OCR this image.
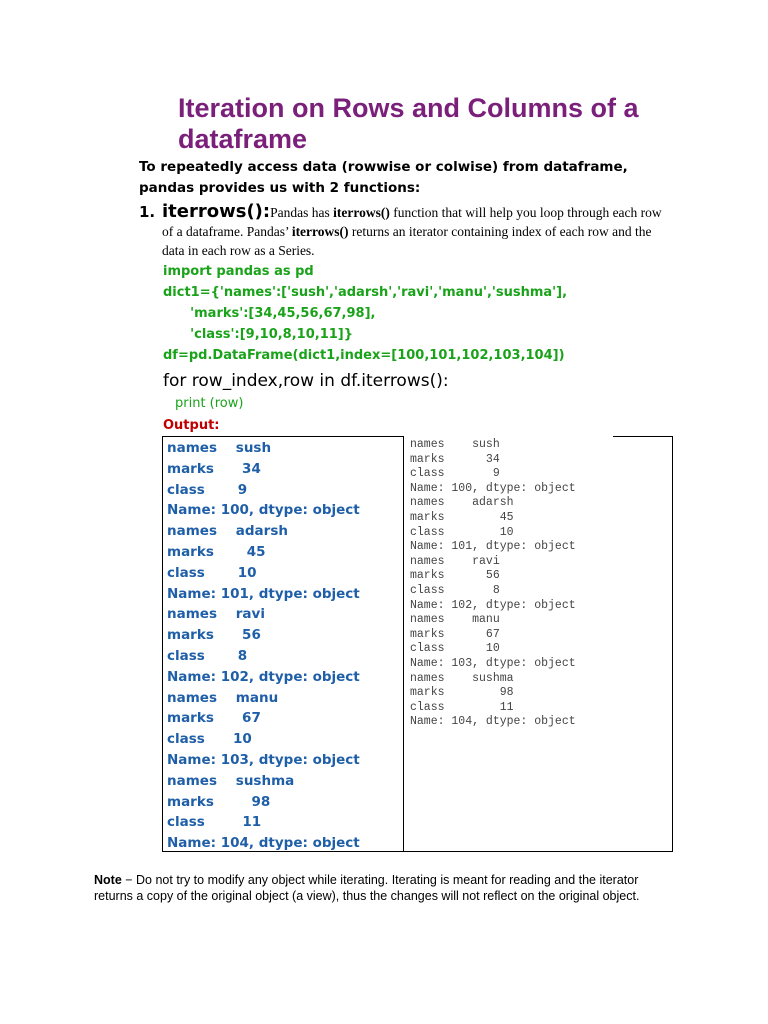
Iteration on Rows and Columns of a dataframe
To repeatedly access data (rowwise or colwise) from dataframe, pandas provides us with 2 functions:
1. iterrows():Pandas has iterrows() function that will help you loop through each row of a dataframe. Pandas’ iterrows() returns an iterator containing index of each row and the data in each row as a Series.
import pandas as pd
dict1={'names':['sush','adarsh','ravi','manu','sushma'],
'marks':[34,45,56,67,98],
'class':[9,10,8,10,11]}
df=pd.DataFrame(dict1,index=[100,101,102,103,104])
for row_index,row in df.iterrows():
print (row)
Output:
names    sush
marks      34
class       9
Name: 100, dtype: object
names    adarsh
marks       45
class       10
Name: 101, dtype: object
names    ravi
marks      56
class       8
Name: 102, dtype: object
names    manu
marks      67
class      10
Name: 103, dtype: object
names    sushma
marks        98
class        11
Name: 104, dtype: object
names    sush
marks      34
class       9
Name: 100, dtype: object
names    adarsh
marks        45
class        10
Name: 101, dtype: object
names    ravi
marks      56
class       8
Name: 102, dtype: object
names    manu
marks      67
class      10
Name: 103, dtype: object
names    sushma
marks        98
class        11
Name: 104, dtype: object
Note − Do not try to modify any object while iterating. Iterating is meant for reading and the iterator returns a copy of the original object (a view), thus the changes will not reflect on the original object.
